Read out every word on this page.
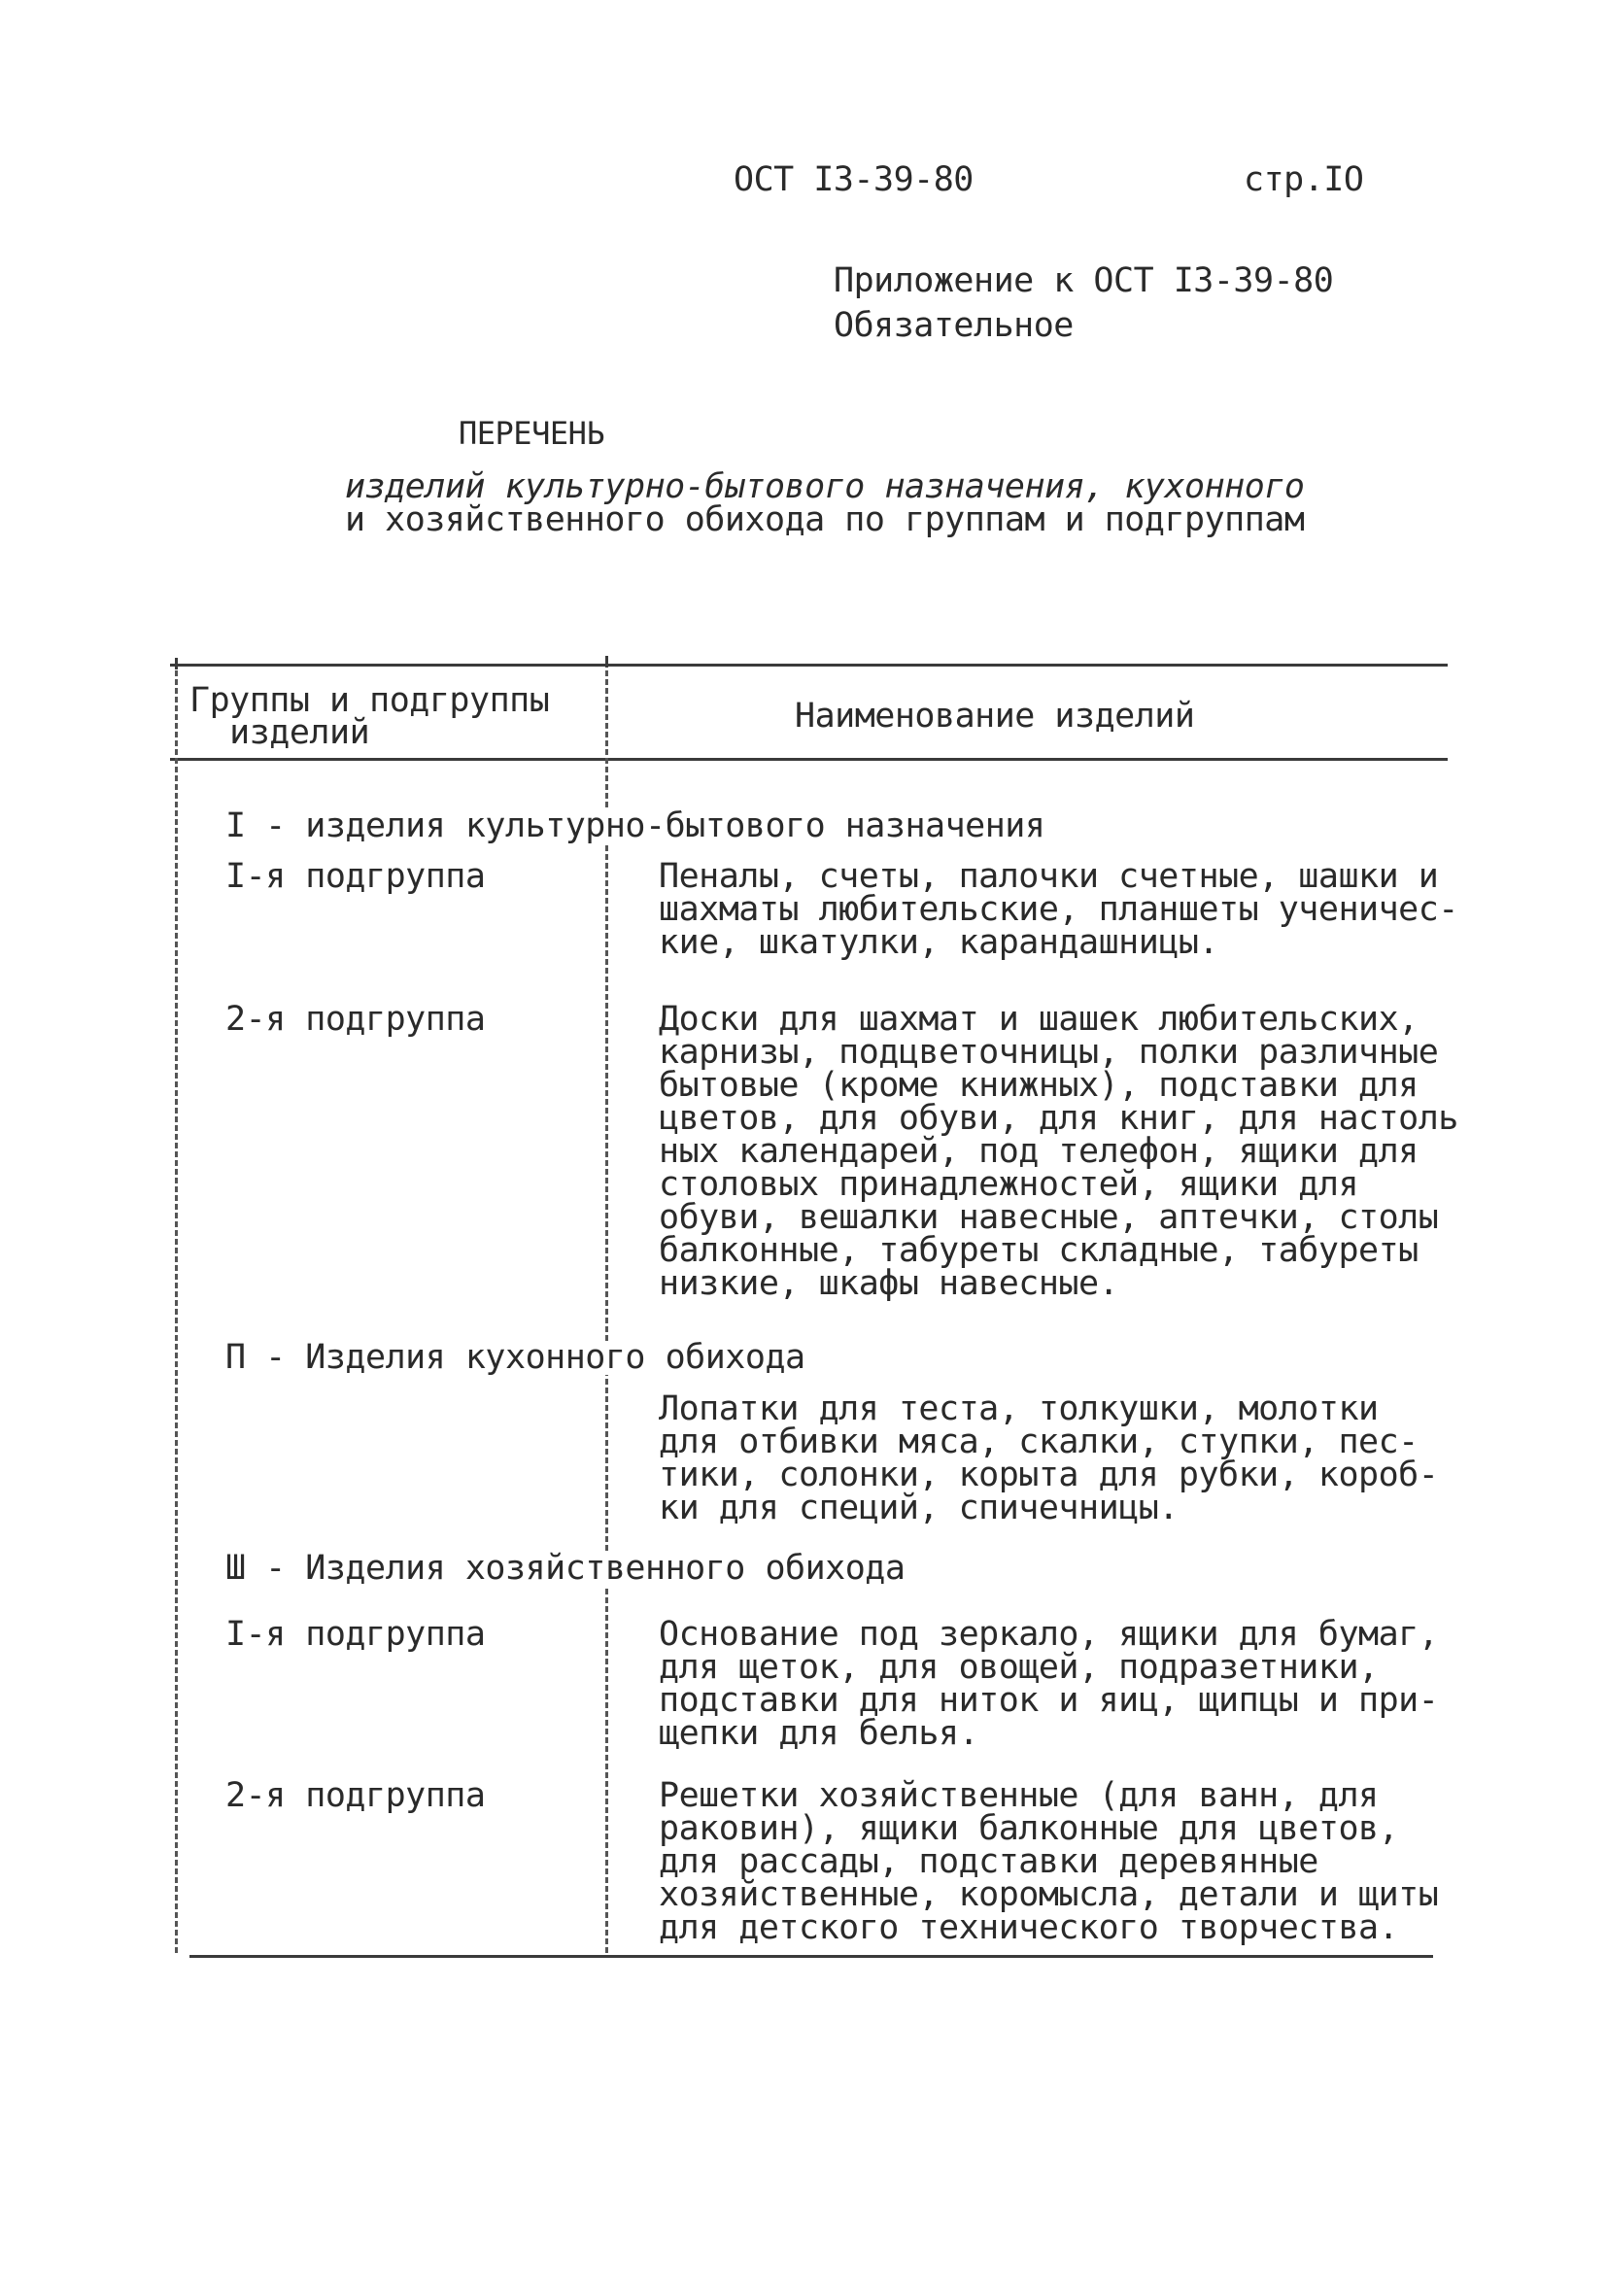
ОСТ I3-39-80	стр.IO
Приложение к ОСТ I3-39-80
Обязательное
ПЕРЕЧЕНЬ
изделий культурно-бытового назначения, кухонного
и хозяйственного обихода по группам и подгруппам
Группы и подгруппы
изделий	Наименование изделий
I - изделия культурно-бытового назначения
I-я подгруппа	Пеналы, счеты, палочки счетные, шашки и
шахматы любительские, планшеты ученичес-
кие, шкатулки, карандашницы.
2-я подгруппа	Доски для шахмат и шашек любительских,
карнизы, подцветочницы, полки различные
бытовые (кроме книжных), подставки для
цветов, для обуви, для книг, для настоль
ных календарей, под телефон, ящики для
столовых принадлежностей, ящики для
обуви, вешалки навесные, аптечки, столы
балконные, табуреты складные, табуреты
низкие, шкафы навесные.
П - Изделия кухонного обихода
Лопатки для теста, толкушки, молотки
для отбивки мяса, скалки, ступки, пес-
тики, солонки, корыта для рубки, короб-
ки для специй, спичечницы.
Ш - Изделия хозяйственного обихода
I-я подгруппа	Основание под зеркало, ящики для бумаг,
для щеток, для овощей, подразетники,
подставки для ниток и яиц, щипцы и при-
щепки для белья.
2-я подгруппа	Решетки хозяйственные (для ванн, для
раковин), ящики балконные для цветов,
для рассады, подставки деревянные
хозяйственные, коромысла, детали и щиты
для детского технического творчества.
